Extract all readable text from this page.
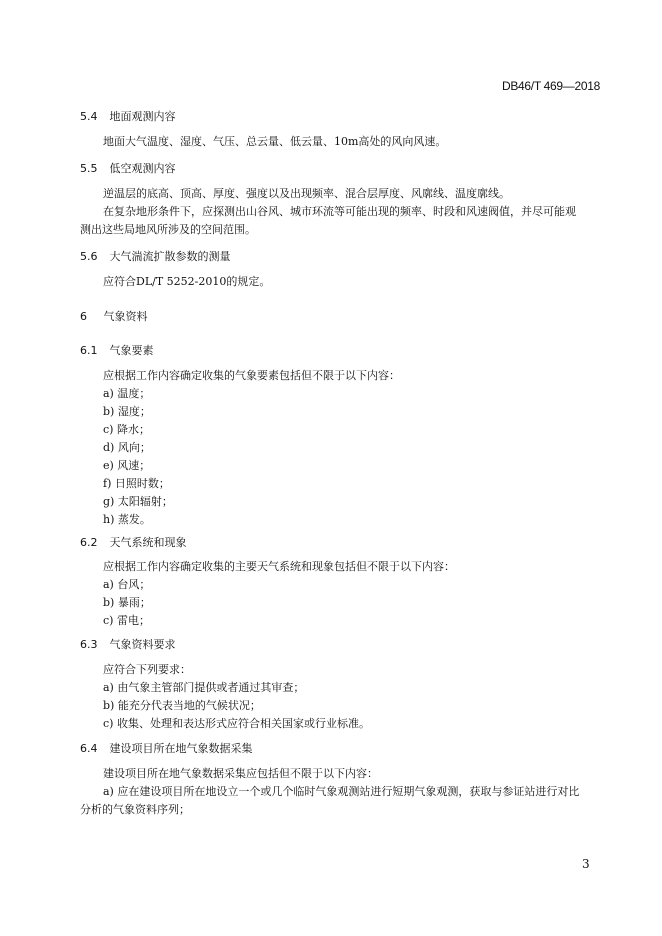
DB46/T 469—2018
5.4 地面观测内容
地面大气温度、湿度、气压、总云量、低云量、10m高处的风向风速。
5.5 低空观测内容
逆温层的底高、顶高、厚度、强度以及出现频率、混合层厚度、风廓线、温度廓线。
在复杂地形条件下，应探测出山谷风、城市环流等可能出现的频率、时段和风速阀值，并尽可能观
测出这些局地风所涉及的空间范围。
5.6 大气湍流扩散参数的测量
应符合DL/T 5252-2010的规定。
6 气象资料
6.1 气象要素
应根据工作内容确定收集的气象要素包括但不限于以下内容：
a) 温度；
b) 湿度；
c) 降水；
d) 风向；
e) 风速；
f) 日照时数；
g) 太阳辐射；
h) 蒸发。
6.2 天气系统和现象
应根据工作内容确定收集的主要天气系统和现象包括但不限于以下内容：
a) 台风；
b) 暴雨；
c) 雷电；
6.3 气象资料要求
应符合下列要求：
a) 由气象主管部门提供或者通过其审查；
b) 能充分代表当地的气候状况；
c) 收集、处理和表达形式应符合相关国家或行业标准。
6.4 建设项目所在地气象数据采集
建设项目所在地气象数据采集应包括但不限于以下内容：
a) 应在建设项目所在地设立一个或几个临时气象观测站进行短期气象观测，获取与参证站进行对比
分析的气象资料序列；
3
